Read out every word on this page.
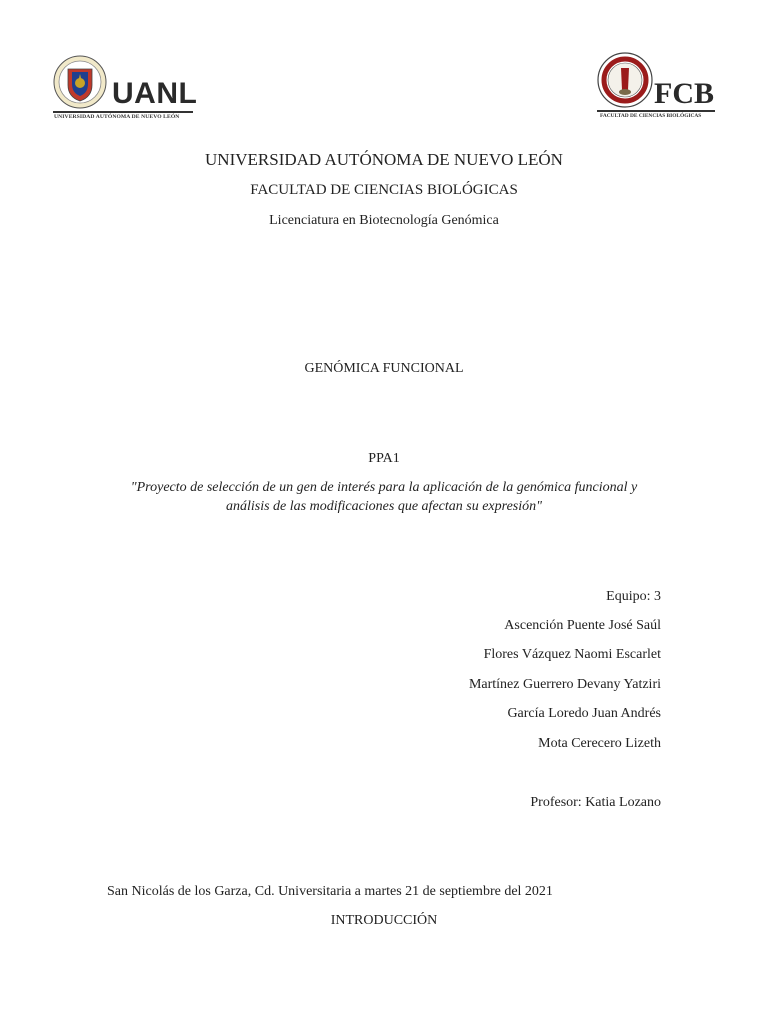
UANL
UNIVERSIDAD AUTÓNOMA DE NUEVO LEÓN
FCB
FACULTAD DE CIENCIAS BIOLÓGICAS
UNIVERSIDAD AUTÓNOMA DE NUEVO LEÓN
FACULTAD DE CIENCIAS BIOLÓGICAS
Licenciatura en Biotecnología Genómica
GENÓMICA FUNCIONAL
PPA1
"Proyecto de selección de un gen de interés para la aplicación de la genómica funcional y
análisis de las modificaciones que afectan su expresión"
Equipo: 3
Ascención Puente José Saúl
Flores Vázquez Naomi Escarlet
Martínez Guerrero Devany Yatziri
García Loredo Juan Andrés
Mota Cerecero Lizeth
Profesor: Katia Lozano
San Nicolás de los Garza, Cd. Universitaria a martes 21 de septiembre del 2021
INTRODUCCIÓN
